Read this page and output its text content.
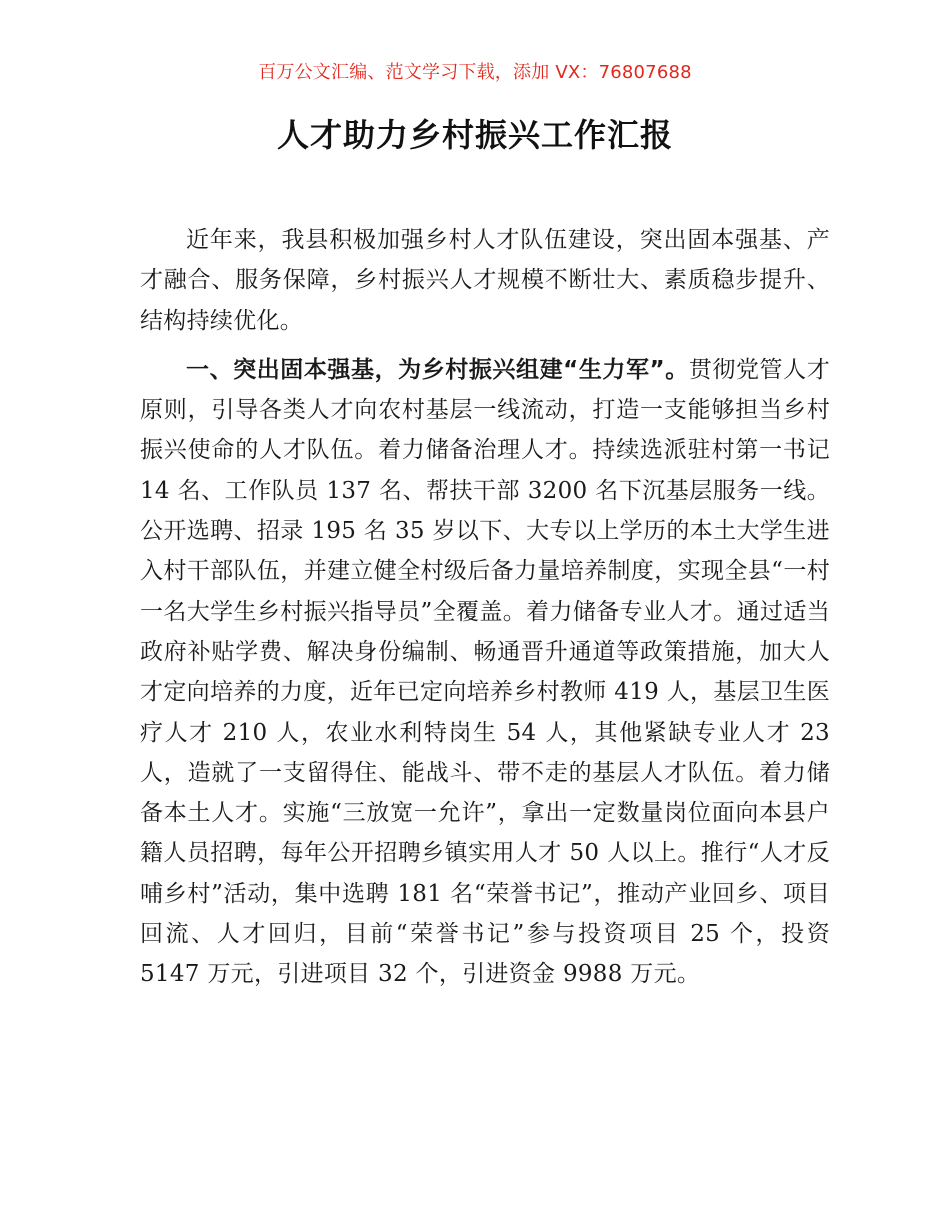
百万公文汇编、范文学习下载，添加 VX：76807688
人才助力乡村振兴工作汇报

近年来，我县积极加强乡村人才队伍建设，突出固本强基、产才融合、服务保障，乡村振兴人才规模不断壮大、素质稳步提升、结构持续优化。

一、突出固本强基，为乡村振兴组建“生力军”。贯彻党管人才原则，引导各类人才向农村基层一线流动，打造一支能够担当乡村振兴使命的人才队伍。着力储备治理人才。持续选派驻村第一书记 14 名、工作队员 137 名、帮扶干部 3200 名下沉基层服务一线。公开选聘、招录 195 名 35 岁以下、大专以上学历的本土大学生进入村干部队伍，并建立健全村级后备力量培养制度，实现全县“一村一名大学生乡村振兴指导员”全覆盖。着力储备专业人才。通过适当政府补贴学费、解决身份编制、畅通晋升通道等政策措施，加大人才定向培养的力度，近年已定向培养乡村教师 419 人，基层卫生医疗人才 210 人，农业水利特岗生 54 人，其他紧缺专业人才 23 人，造就了一支留得住、能战斗、带不走的基层人才队伍。着力储备本土人才。实施“三放宽一允许”，拿出一定数量岗位面向本县户籍人员招聘，每年公开招聘乡镇实用人才 50 人以上。推行“人才反哺乡村”活动，集中选聘 181 名“荣誉书记”，推动产业回乡、项目回流、人才回归，目前“荣誉书记”参与投资项目 25 个，投资 5147 万元，引进项目 32 个，引进资金 9988 万元。
